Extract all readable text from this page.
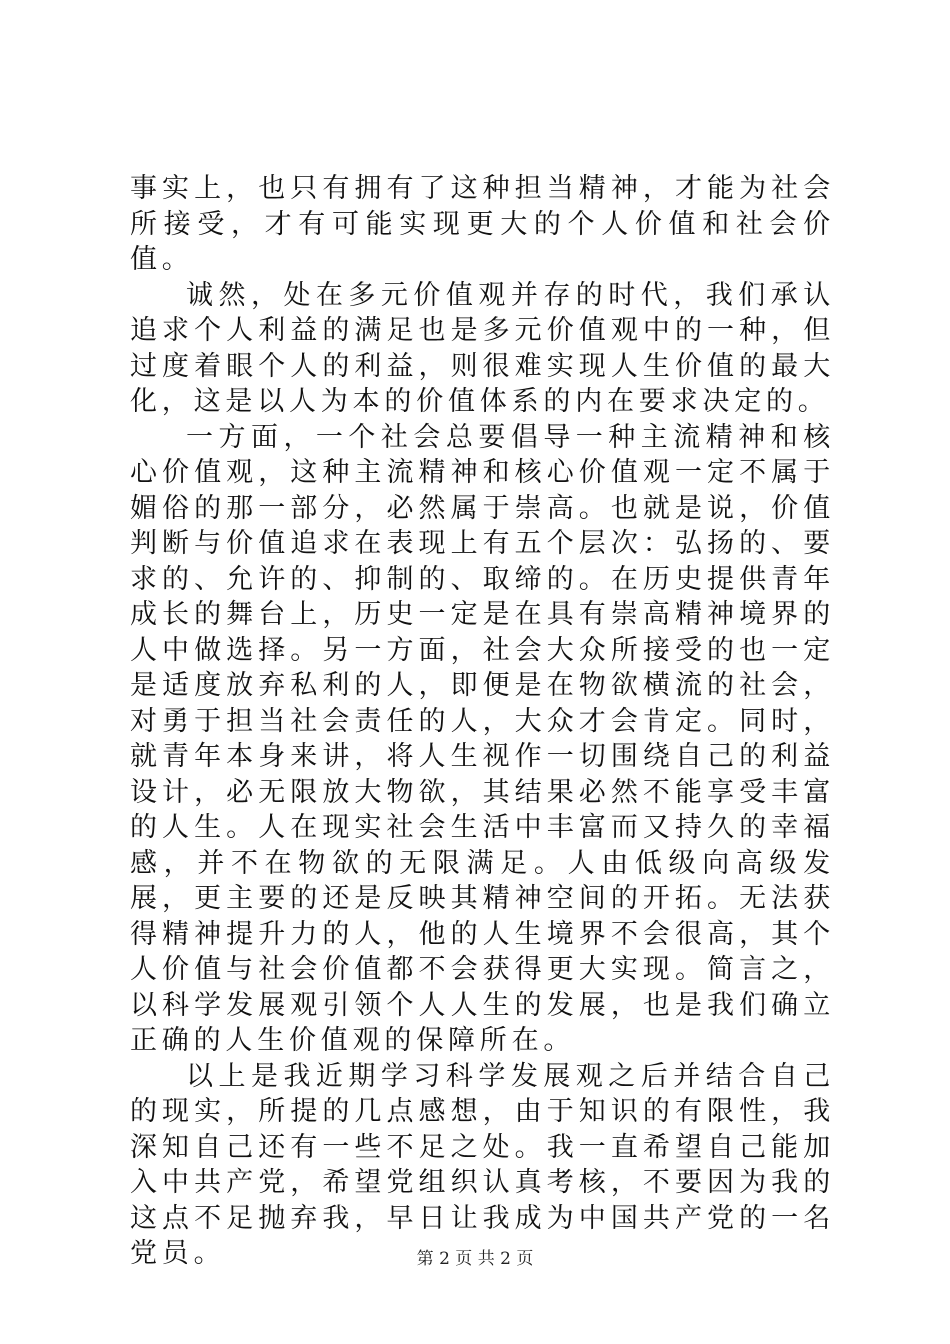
事实上，也只有拥有了这种担当精神，才能为社会所接受，才有可能实现更大的个人价值和社会价值。

诚然，处在多元价值观并存的时代，我们承认追求个人利益的满足也是多元价值观中的一种，但过度着眼个人的利益，则很难实现人生价值的最大化，这是以人为本的价值体系的内在要求决定的。

一方面，一个社会总要倡导一种主流精神和核心价值观，这种主流精神和核心价值观一定不属于媚俗的那一部分，必然属于崇高。也就是说，价值判断与价值追求在表现上有五个层次：弘扬的、要求的、允许的、抑制的、取缔的。在历史提供青年成长的舞台上，历史一定是在具有崇高精神境界的人中做选择。另一方面，社会大众所接受的也一定是适度放弃私利的人，即便是在物欲横流的社会，对勇于担当社会责任的人，大众才会肯定。同时，就青年本身来讲，将人生视作一切围绕自己的利益设计，必无限放大物欲，其结果必然不能享受丰富的人生。人在现实社会生活中丰富而又持久的幸福感，并不在物欲的无限满足。人由低级向高级发展，更主要的还是反映其精神空间的开拓。无法获得精神提升力的人，他的人生境界不会很高，其个人价值与社会价值都不会获得更大实现。简言之，以科学发展观引领个人人生的发展，也是我们确立正确的人生价值观的保障所在。

以上是我近期学习科学发展观之后并结合自己的现实，所提的几点感想，由于知识的有限性，我深知自己还有一些不足之处。我一直希望自己能加入中共产党，希望党组织认真考核，不要因为我的这点不足抛弃我，早日让我成为中国共产党的一名党员。	第 2 页 共 2 页
